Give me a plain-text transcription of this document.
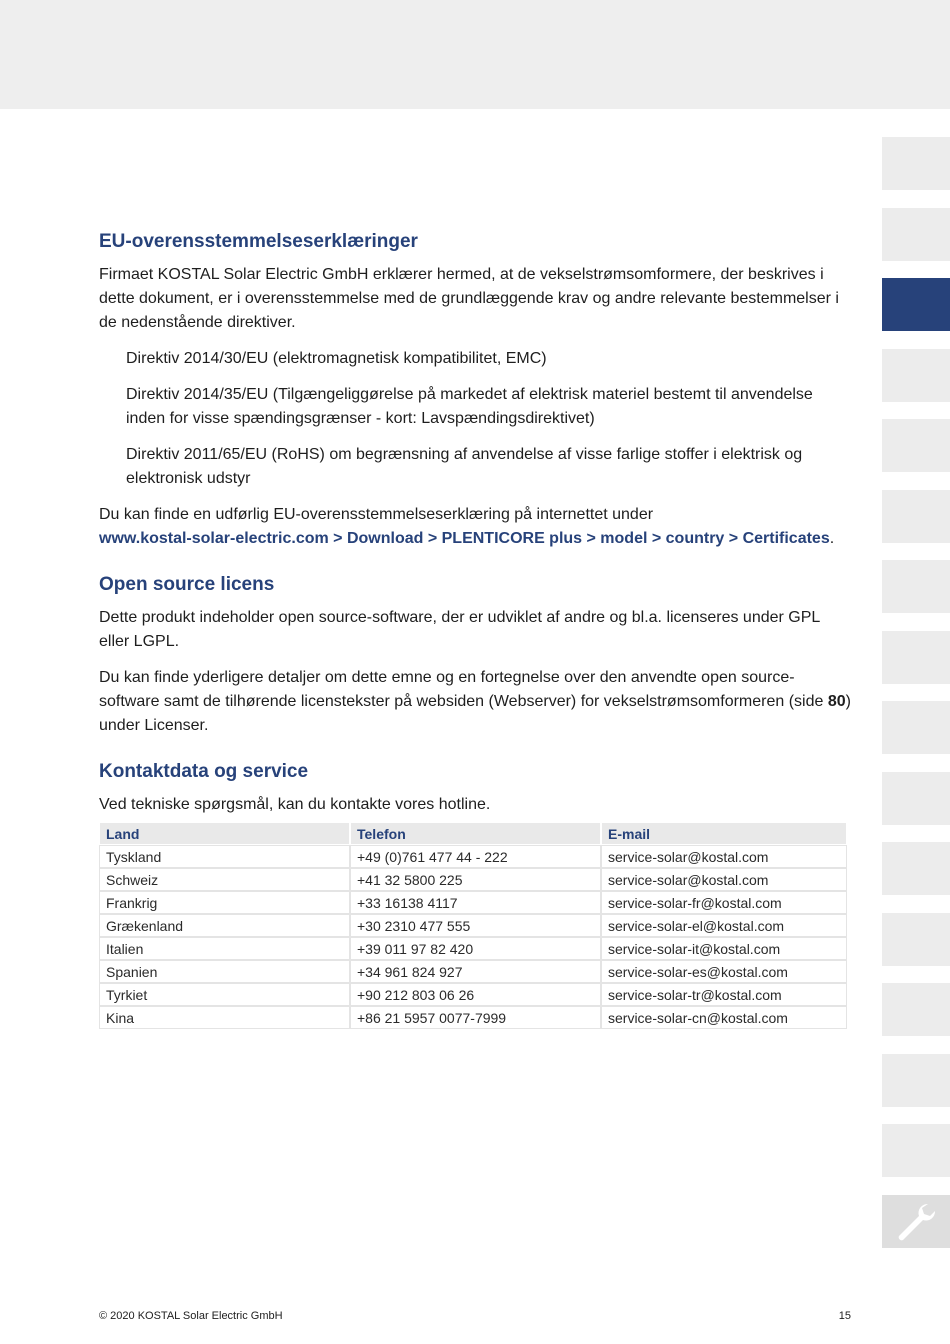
EU-overensstemmelseserklæringer

Firmaet KOSTAL Solar Electric GmbH erklærer hermed, at de vekselstrømsomformere, der beskrives i dette dokument, er i overensstemmelse med de grundlæggende krav og andre relevante bestemmelser i de nedenstående direktiver.

Direktiv 2014/30/EU (elektromagnetisk kompatibilitet, EMC)

Direktiv 2014/35/EU (Tilgængeliggørelse på markedet af elektrisk materiel bestemt til anvendelse inden for visse spændingsgrænser - kort: Lavspændingsdirektivet)

Direktiv 2011/65/EU (RoHS) om begrænsning af anvendelse af visse farlige stoffer i elektrisk og elektronisk udstyr

Du kan finde en udførlig EU-overensstemmelseserklæring på internettet under
www.kostal-solar-electric.com > Download > PLENTICORE plus > model > country > Certificates.

Open source licens

Dette produkt indeholder open source-software, der er udviklet af andre og bl.a. licenseres under GPL eller LGPL.

Du kan finde yderligere detaljer om dette emne og en fortegnelse over den anvendte open source-software samt de tilhørende licenstekster på websiden (Webserver) for vekselstrømsomformeren (side 80) under Licenser.

Kontaktdata og service

Ved tekniske spørgsmål, kan du kontakte vores hotline.

Land	Telefon	E-mail
Tyskland	+49 (0)761 477 44 - 222	service-solar@kostal.com
Schweiz	+41 32 5800 225	service-solar@kostal.com
Frankrig	+33 16138 4117	service-solar-fr@kostal.com
Grækenland	+30 2310 477 555	service-solar-el@kostal.com
Italien	+39 011 97 82 420	service-solar-it@kostal.com
Spanien	+34 961 824 927	service-solar-es@kostal.com
Tyrkiet	+90 212 803 06 26	service-solar-tr@kostal.com
Kina	+86 21 5957 0077-7999	service-solar-cn@kostal.com
© 2020 KOSTAL Solar Electric GmbH	15
